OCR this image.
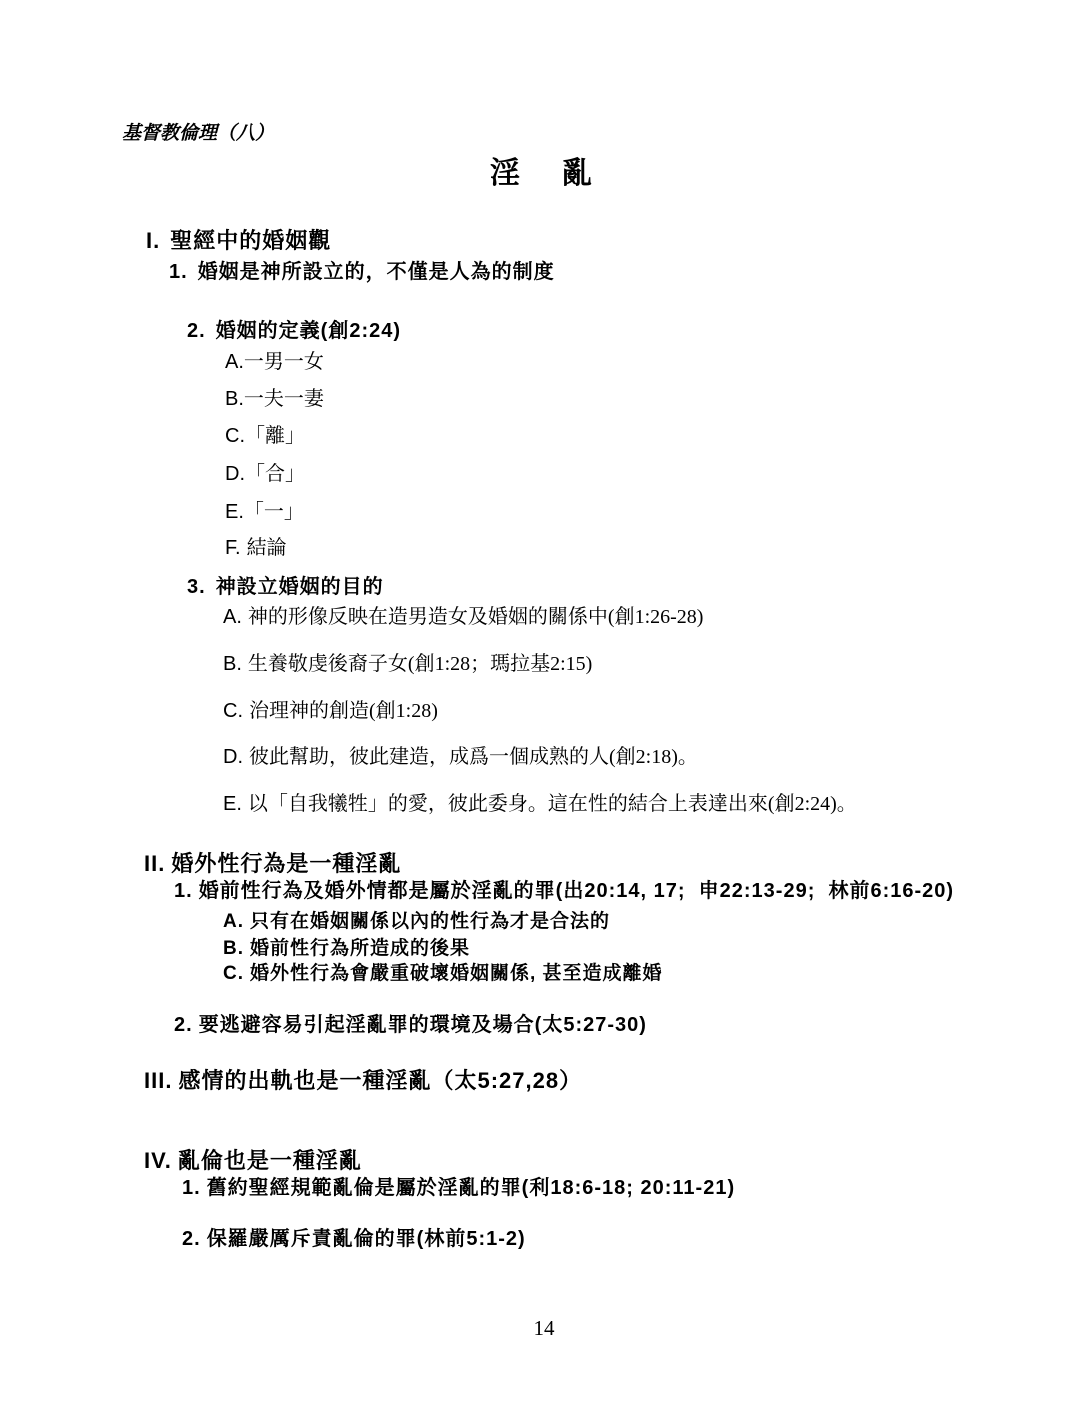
基督教倫理（八）
淫　亂

I. 聖經中的婚姻觀

1. 婚姻是神所設立的，不僅是人為的制度

2. 婚姻的定義(創2:24)

A.一男一女

B.一夫一妻

C.「離」

D.「合」

E.「一」

F. 結論

3. 神設立婚姻的目的

A. 神的形像反映在造男造女及婚姻的關係中(創1:26-28)

B. 生養敬虔後裔子女(創1:28；瑪拉基2:15)

C. 治理神的創造(創1:28)

D. 彼此幫助，彼此建造，成爲一個成熟的人(創2:18)。

E. 以「自我犧牲」的愛，彼此委身。這在性的結合上表達出來(創2:24)。

II. 婚外性行為是一種淫亂

1. 婚前性行為及婚外情都是屬於淫亂的罪(出20:14, 17;  申22:13-29;  林前6:16-20)

A. 只有在婚姻關係以內的性行為才是合法的

B. 婚前性行為所造成的後果

C. 婚外性行為會嚴重破壞婚姻關係, 甚至造成離婚

2. 要逃避容易引起淫亂罪的環境及場合(太5:27-30)

III. 感情的出軌也是一種淫亂（太5:27,28）

IV. 亂倫也是一種淫亂

1. 舊約聖經規範亂倫是屬於淫亂的罪(利18:6-18; 20:11-21)

2. 保羅嚴厲斥責亂倫的罪(林前5:1-2)

14
